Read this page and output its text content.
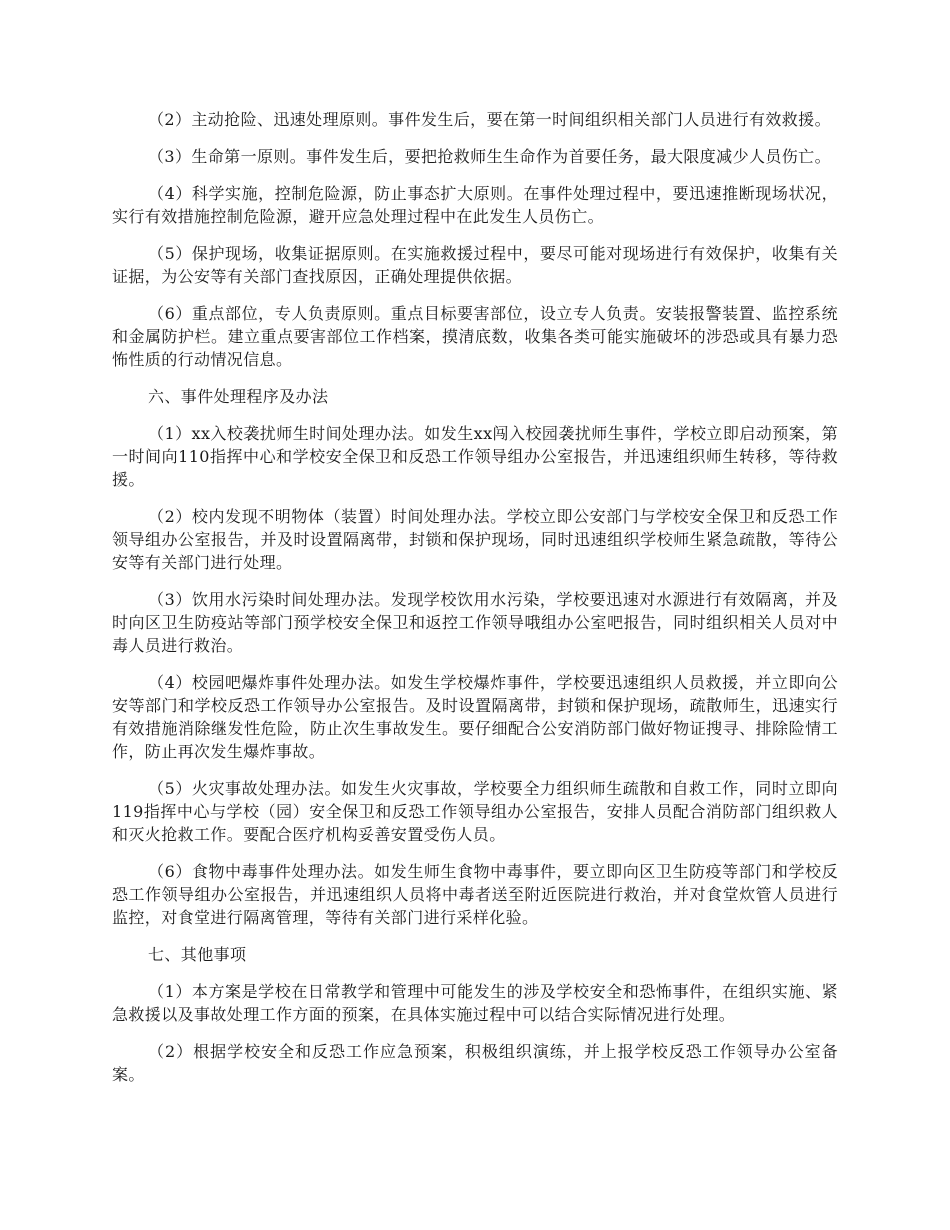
（2）主动抢险、迅速处理原则。事件发生后，要在第一时间组织相关部门人员进行有效救援。

（3）生命第一原则。事件发生后，要把抢救师生生命作为首要任务，最大限度减少人员伤亡。

（4）科学实施，控制危险源，防止事态扩大原则。在事件处理过程中，要迅速推断现场状况，实行有效措施控制危险源，避开应急处理过程中在此发生人员伤亡。

（5）保护现场，收集证据原则。在实施救援过程中，要尽可能对现场进行有效保护，收集有关证据，为公安等有关部门查找原因，正确处理提供依据。

（6）重点部位，专人负责原则。重点目标要害部位，设立专人负责。安装报警装置、监控系统和金属防护栏。建立重点要害部位工作档案，摸清底数，收集各类可能实施破坏的涉恐或具有暴力恐怖性质的行动情况信息。

六、事件处理程序及办法

（1）xx入校袭扰师生时间处理办法。如发生xx闯入校园袭扰师生事件，学校立即启动预案，第一时间向110指挥中心和学校安全保卫和反恐工作领导组办公室报告，并迅速组织师生转移，等待救援。

（2）校内发现不明物体（装置）时间处理办法。学校立即公安部门与学校安全保卫和反恐工作领导组办公室报告，并及时设置隔离带，封锁和保护现场，同时迅速组织学校师生紧急疏散，等待公安等有关部门进行处理。

（3）饮用水污染时间处理办法。发现学校饮用水污染，学校要迅速对水源进行有效隔离，并及时向区卫生防疫站等部门预学校安全保卫和返控工作领导哦组办公室吧报告，同时组织相关人员对中毒人员进行救治。

（4）校园吧爆炸事件处理办法。如发生学校爆炸事件，学校要迅速组织人员救援，并立即向公安等部门和学校反恐工作领导办公室报告。及时设置隔离带，封锁和保护现场，疏散师生，迅速实行有效措施消除继发性危险，防止次生事故发生。要仔细配合公安消防部门做好物证搜寻、排除险情工作，防止再次发生爆炸事故。

（5）火灾事故处理办法。如发生火灾事故，学校要全力组织师生疏散和自救工作，同时立即向119指挥中心与学校（园）安全保卫和反恐工作领导组办公室报告，安排人员配合消防部门组织救人和灭火抢救工作。要配合医疗机构妥善安置受伤人员。

（6）食物中毒事件处理办法。如发生师生食物中毒事件，要立即向区卫生防疫等部门和学校反恐工作领导组办公室报告，并迅速组织人员将中毒者送至附近医院进行救治，并对食堂炊管人员进行监控，对食堂进行隔离管理，等待有关部门进行采样化验。

七、其他事项

（1）本方案是学校在日常教学和管理中可能发生的涉及学校安全和恐怖事件，在组织实施、紧急救援以及事故处理工作方面的预案，在具体实施过程中可以结合实际情况进行处理。

（2）根据学校安全和反恐工作应急预案，积极组织演练，并上报学校反恐工作领导办公室备案。
